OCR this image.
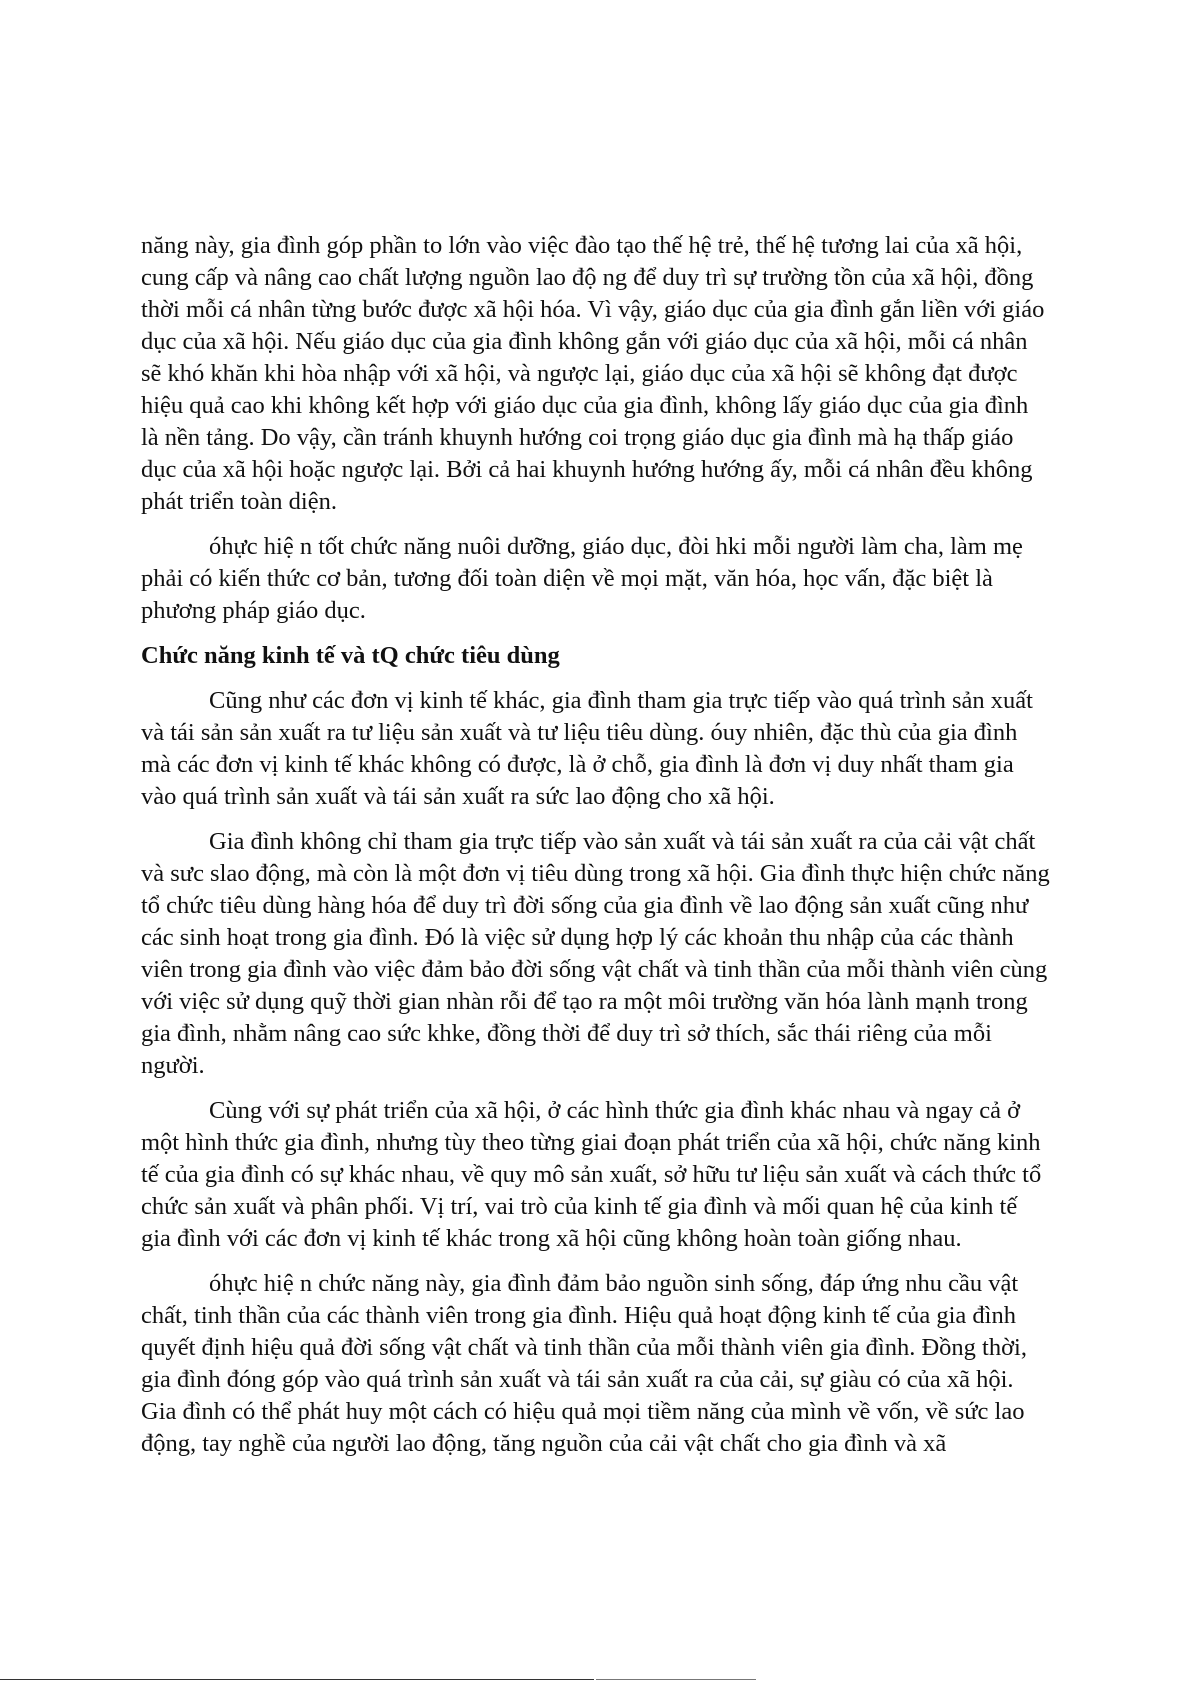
năng này, gia đình góp phần to lớn vào việc đào tạo thế hệ trẻ, thế hệ tương lai của xã hội, cung cấp và nâng cao chất lượng nguồn lao độ ng để duy trì sự trường tồn của xã hội, đồng thời mỗi cá nhân từng bước được xã hội hóa. Vì vậy, giáo dục của gia đình gắn liền với giáo dục của xã hội. Nếu giáo dục của gia đình không gắn với giáo dục của xã hội, mỗi cá nhân sẽ khó khăn khi hòa nhập với xã hội, và ngược lại, giáo dục của xã hội sẽ không đạt được hiệu quả cao khi không kết hợp với giáo dục của gia đình, không lấy giáo dục của gia đình là nền tảng. Do vậy, cần tránh khuynh hướng coi trọng giáo dục gia đình mà hạ thấp giáo dục của xã hội hoặc ngược lại. Bởi cả hai khuynh hướng hướng ấy, mỗi cá nhân đều không phát triển toàn diện.

óhực hiệ n tốt chức năng nuôi dưỡng, giáo dục, đòi hki mỗi người làm cha, làm mẹ phải có kiến thức cơ bản, tương đối toàn diện về mọi mặt, văn hóa, học vấn, đặc biệt là phương pháp giáo dục.

Chức năng kinh tế và tQ chức tiêu dùng

Cũng như các đơn vị kinh tế khác, gia đình tham gia trực tiếp vào quá trình sản xuất và tái sản sản xuất ra tư liệu sản xuất và tư liệu tiêu dùng. óuy nhiên, đặc thù của gia đình mà các đơn vị kinh tế khác không có được, là ở chỗ, gia đình là đơn vị duy nhất tham gia vào quá trình sản xuất và tái sản xuất ra sức lao động cho xã hội.

Gia đình không chỉ tham gia trực tiếp vào sản xuất và tái sản xuất ra của cải vật chất và sưc slao động, mà còn là một đơn vị tiêu dùng trong xã hội. Gia đình thực hiện chức năng tổ chức tiêu dùng hàng hóa để duy trì đời sống của gia đình về lao động sản xuất cũng như các sinh hoạt trong gia đình. Đó là việc sử dụng hợp lý các khoản thu nhập của các thành viên trong gia đình vào việc đảm bảo đời sống vật chất và tinh thần của mỗi thành viên cùng với việc sử dụng quỹ thời gian nhàn rỗi để tạo ra một môi trường văn hóa lành mạnh trong gia đình, nhằm nâng cao sức khke, đồng thời để duy trì sở thích, sắc thái riêng của mỗi người.

Cùng với sự phát triển của xã hội, ở các hình thức gia đình khác nhau và ngay cả ở một hình thức gia đình, nhưng tùy theo từng giai đoạn phát triển của xã hội, chức năng kinh tế của gia đình có sự khác nhau, về quy mô sản xuất, sở hữu tư liệu sản xuất và cách thức tổ chức sản xuất và phân phối. Vị trí, vai trò của kinh tế gia đình và mối quan hệ của kinh tế gia đình với các đơn vị kinh tế khác trong xã hội cũng không hoàn toàn giống nhau.

óhực hiệ n chức năng này, gia đình đảm bảo nguồn sinh sống, đáp ứng nhu cầu vật chất, tinh thần của các thành viên trong gia đình. Hiệu quả hoạt động kinh tế của gia đình quyết định hiệu quả đời sống vật chất và tinh thần của mỗi thành viên gia đình. Đồng thời, gia đình đóng góp vào quá trình sản xuất và tái sản xuất ra của cải, sự giàu có của xã hội. Gia đình có thể phát huy một cách có hiệu quả mọi tiềm năng của mình về vốn, về sức lao động, tay nghề của người lao động, tăng nguồn của cải vật chất cho gia đình và xã
